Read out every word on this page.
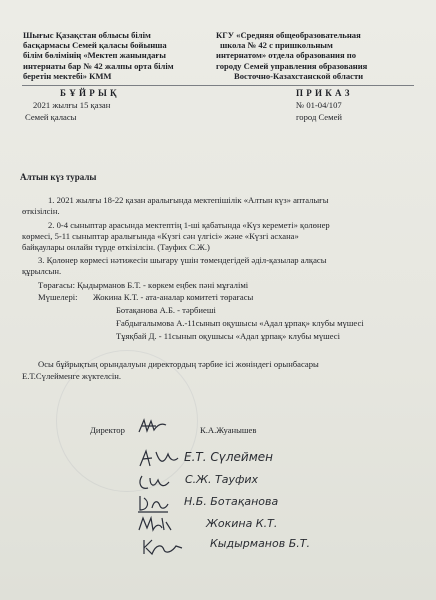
Шығыс Қазақстан облысы білім
басқармасы Семей қаласы бойынша
білім бөлімінің «Мектеп жанындағы
интернаты бар № 42 жалпы орта білім
беретін мектебі» КММ
КГУ «Средняя общеобразовательная
школа № 42 с пришкольным
интернатом» отдела образования по
городу Семей управления образования
Восточно-Казахстанской области
Б Ұ Й Р Ы Қ	П Р И К А З
2021 жылғы 15 қазан	№ 01-04/107
Семей қаласы	город Семей
Алтын күз туралы
1. 2021 жылғы 18-22 қазан аралығында мектепішілік «Алтын күз» апталығы
өткізілсін.
2. 0-4 сыныптар арасында мектептің 1-ші қабатында «Күз кереметі» қолөнер
көрмесі, 5-11 сыныптар аралығында «Күзгі сән үлгісі» және «Күзгі асхана»
байқаулары онлайн түрде өткізілсін. (Тауфих С.Ж.)
3. Қолөнер көрмесі нәтижесін шығару үшін төмендегідей әділ-қазылар алқасы
құрылсын.
Төрағасы: Қыдырманов Б.Т. - көркем еңбек пәні мұғалімі
Мүшелері: Жокина К.Т. - ата-аналар комитеті төрағасы
Ботақанова А.Б. - тәрбиеші
Ғабдығалымова А.-11сынып оқушысы «Адал ұрпақ» клубы мүшесі
Тұяқбай Д. - 11сынып оқушысы «Адал ұрпақ» клубы мүшесі
Осы бұйрықтың орындалуын директордың тәрбие ісі жөніндегі орынбасары
Е.Т.Сүлейменге жүктелсін.
Директор	К.А.Жуанышев
Е.Т. Сүлеймен
С.Ж. Тауфих
Н.Б. Ботақанова
Жокина К.Т.
Кыдырманов Б.Т.
